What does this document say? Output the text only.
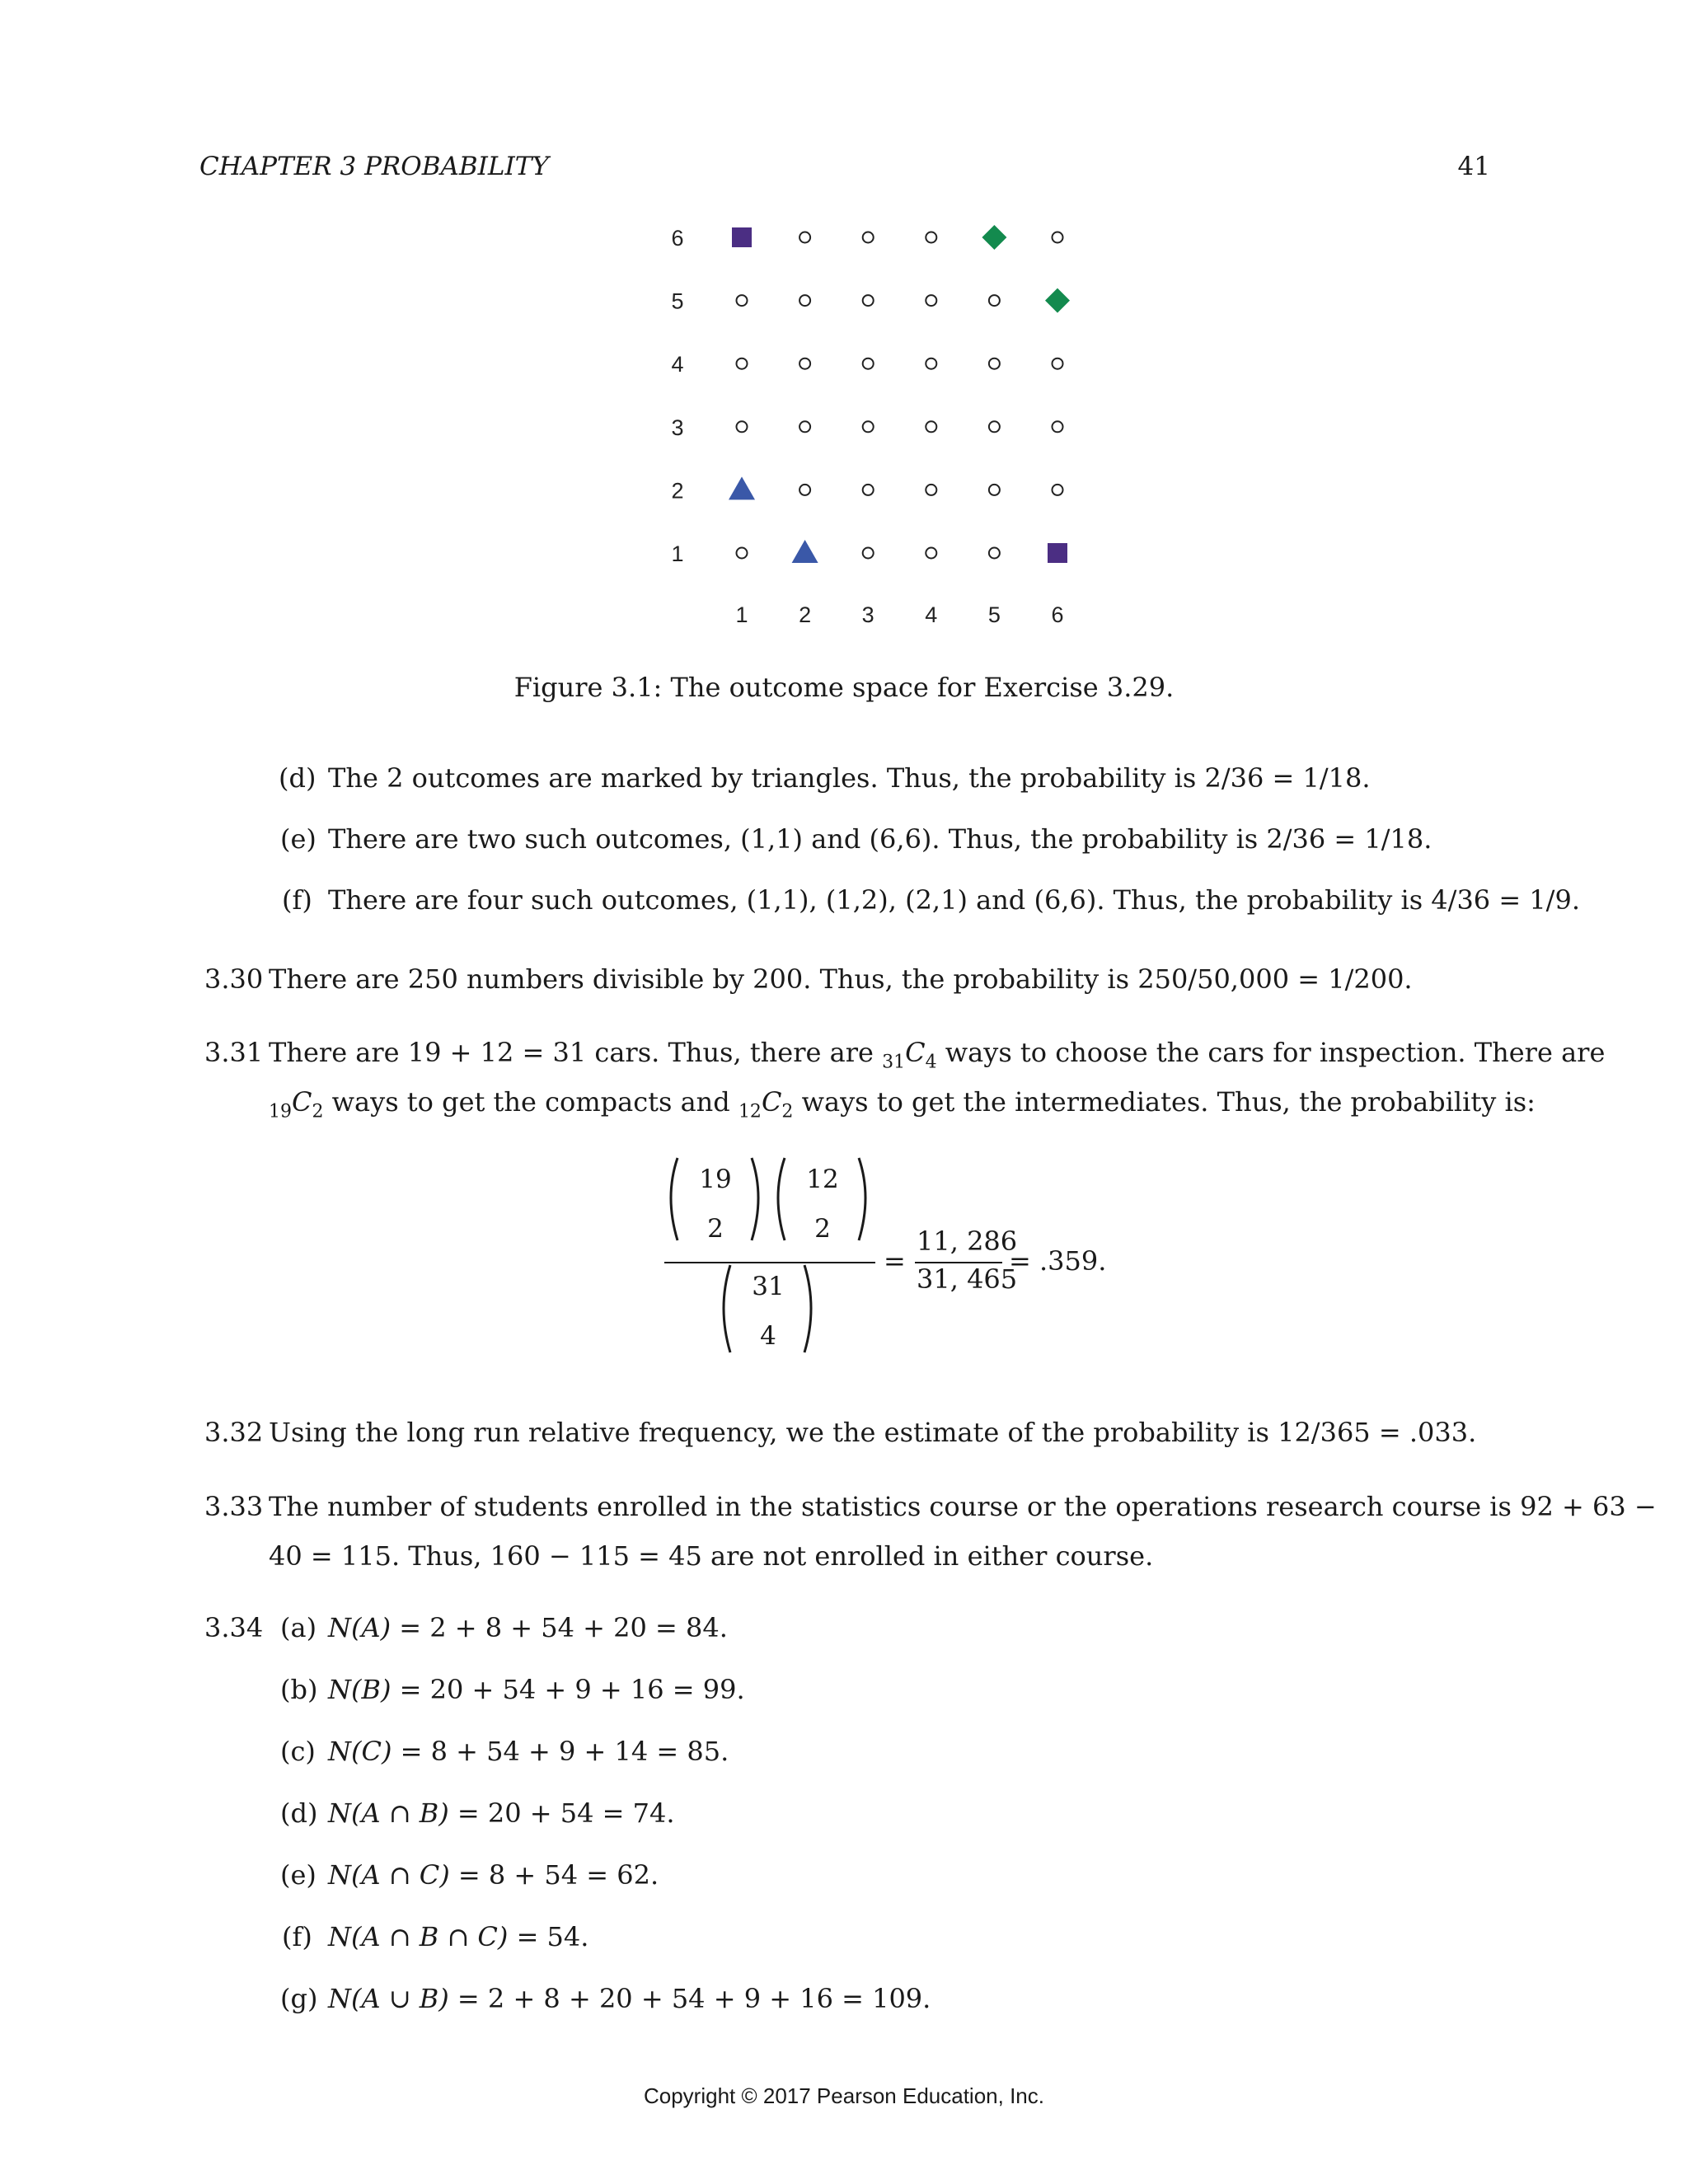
CHAPTER 3 PROBABILITY	41
6
5
4
3
2
1
1 2 3 4 5 6
Figure 3.1: The outcome space for Exercise 3.29.
(d) The 2 outcomes are marked by triangles. Thus, the probability is 2/36 = 1/18.
(e) There are two such outcomes, (1,1) and (6,6). Thus, the probability is 2/36 = 1/18.
(f) There are four such outcomes, (1,1), (1,2), (2,1) and (6,6). Thus, the probability is 4/36 = 1/9.
3.30 There are 250 numbers divisible by 200. Thus, the probability is 250/50,000 = 1/200.
3.31 There are 19 + 12 = 31 cars. Thus, there are $_{31}C_4$ ways to choose the cars for inspection. There are
$_{19}C_2$ ways to get the compacts and $_{12}C_2$ ways to get the intermediates. Thus, the probability is:
19
2
12
2
31
4
=
11, 286
31, 465
= .359.
3.32 Using the long run relative frequency, we the estimate of the probability is 12/365 = .033.
3.33 The number of students enrolled in the statistics course or the operations research course is 92 + 63 −
40 = 115. Thus, 160 − 115 = 45 are not enrolled in either course.
3.34 (a) N(A) = 2 + 8 + 54 + 20 = 84.
(b) N(B) = 20 + 54 + 9 + 16 = 99.
(c) N(C) = 8 + 54 + 9 + 14 = 85.
(d) N(A ∩ B) = 20 + 54 = 74.
(e) N(A ∩ C) = 8 + 54 = 62.
(f) N(A ∩ B ∩ C) = 54.
(g) N(A ∪ B) = 2 + 8 + 20 + 54 + 9 + 16 = 109.
Copyright © 2017 Pearson Education, Inc.
